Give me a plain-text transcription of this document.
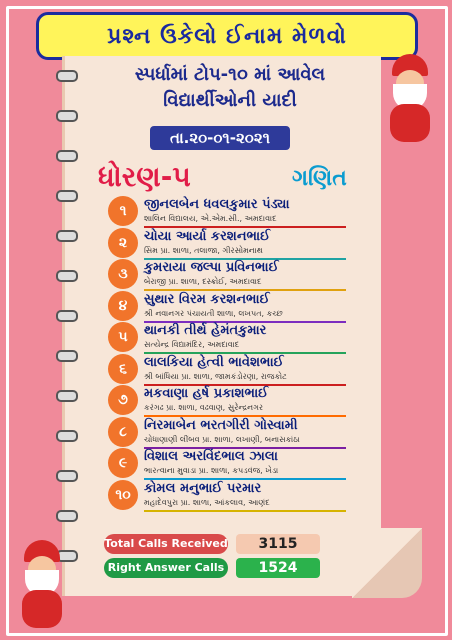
પ્રશ્ન ઉકેલો ઈનામ મેળવો
સ્પર્ધામાં ટોપ-૧૦ માં આવેલ
વિદ્યાર્થીઓની યાદી
તા.૨૦-૦૧-૨૦૨૧
ધોરણ-૫	ગણિત
૧	જીનલબેન ધવલકુમાર પંડ્યા
શાલિન વિદ્યાલય, એ.એમ.સી., અમદાવાદ
૨	ચોયા આર્યા કરશનભાઈ
સિમ પ્રા. શાળા, તલાજા, ગીરસોમનાથ
૩	કુમરાયા જલ્પા પ્રવિનભાઈ
બેરાજી પ્રા. શાળા, દસ્ક્રોઈ, અમદાવાદ
૪	સુથાર વિરમ કરશનભાઈ
શ્રી નવાનગર પંચાયતી શાળા, લખપત, કચ્છ
૫	થાનકી તીર્થ હેમંતકુમાર
સત્યેન્દ્ર વિદ્યામંદિર, અમદાવાદ
૬	લાલકિયા હેત્વી ભાવેશભાઈ
શ્રી બાંધિયા પ્રા. શાળા, જામકંડોરણા, રાજકોટ
૭	મકવાણા હર્ષ પ્રકાશભાઈ
કરંગઢ પ્રા. શાળા, વઢવાણ, સુરેન્દ્રનગર
૮	નિરમાબેન ભરતગીરી ગોસ્વામી
ચોધાણાણી લીંબવ પ્રા. શાળા, લખાણી, બનાસકાંઠા
૯	વિશાલ અરવિંદભાલ ઝાલા
ભારત્વાના મુવાડા પ્રા. શાળા, કપડવંજ, ખેડા
૧૦	કોમલ મનુભાઈ પરમાર
મહાદેવપુરા પ્રા. શાળા, આંકલાવ, આણંદ
Total Calls Received	3115
Right Answer Calls	1524
